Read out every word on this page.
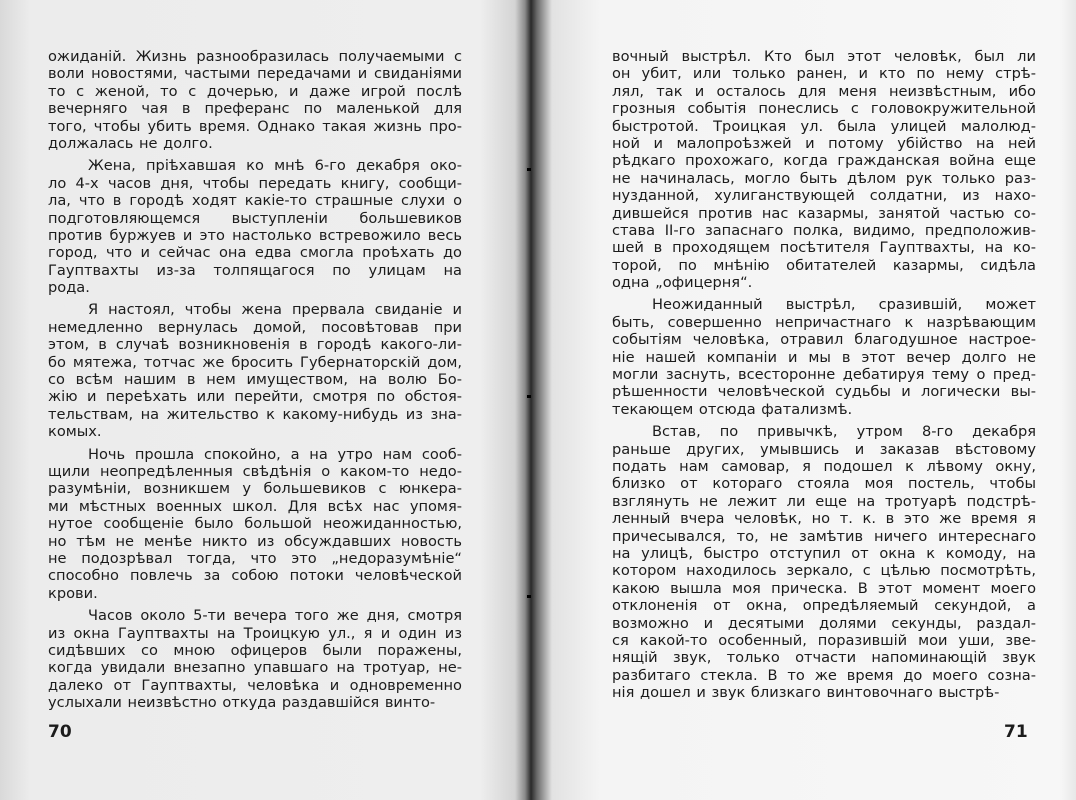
ожиданій. Жизнь разнообразилась получаемыми с
воли новостями, частыми передачами и свиданіями
то с женой, то с дочерью, и даже игрой послѣ
вечерняго чая в преферанс по маленькой для
того, чтобы убить время. Однако такая жизнь про-
должалась не долго.
Жена, пріѣхавшая ко мнѣ 6-го декабря око-
ло 4-х часов дня, чтобы передать книгу, сообщи-
ла, что в городѣ ходят какіе-то страшные слухи о
подготовляющемся выступленіи большевиков
против буржуев и это настолько встревожило весь
город, что и сейчас она едва смогла проѣхать до
Гауптвахты из-за толпящагося по улицам на
рода.
Я настоял, чтобы жена прервала свиданіе и
немедленно вернулась домой, посовѣтовав при
этом, в случаѣ возникновенія в городѣ какого-ли-
бо мятежа, тотчас же бросить Губернаторскій дом,
со всѣм нашим в нем имуществом, на волю Бо-
жію и переѣхать или перейти, смотря по обстоя-
тельствам, на жительство к какому-нибудь из зна-
комых.
Ночь прошла спокойно, а на утро нам сооб-
щили неопредѣленныя свѣдѣнія о каком-то недо-
разумѣніи, возникшем у большевиков с юнкера-
ми мѣстных военных школ. Для всѣх нас упомя-
нутое сообщеніе было большой неожиданностью,
но тѣм не менѣе никто из обсуждавших новость
не подозрѣвал тогда, что это „недоразумѣніе“
способно повлечь за собою потоки человѣческой
крови.
Часов около 5-ти вечера того же дня, смотря
из окна Гауптвахты на Троицкую ул., я и один из
сидѣвших со мною офицеров были поражены,
когда увидали внезапно упавшаго на тротуар, не-
далеко от Гауптвахты, человѣка и одновременно
услыхали неизвѣстно откуда раздавшійся винто-
вочный выстрѣл. Кто был этот человѣк, был ли
он убит, или только ранен, и кто по нему стрѣ-
лял, так и осталось для меня неизвѣстным, ибо
грозныя событія понеслись с головокружительной
быстротой. Троицкая ул. была улицей малолюд-
ной и малопроѣзжей и потому убійство на ней
рѣдкаго прохожаго, когда гражданская война еще
не начиналась, могло быть дѣлом рук только раз-
нузданной, хулиганствующей солдатни, из нахо-
дившейся против нас казармы, занятой частью со-
става II-го запаснаго полка, видимо, предположив-
шей в проходящем посѣтителя Гауптвахты, на ко-
торой, по мнѣнію обитателей казармы, сидѣла
одна „офицерня“.
Неожиданный выстрѣл, сразившій, может
быть, совершенно непричастнаго к назрѣвающим
событіям человѣка, отравил благодушное настрое-
ніе нашей компаніи и мы в этот вечер долго не
могли заснуть, всесторонне дебатируя тему о пред-
рѣшенности человѣческой судьбы и логически вы-
текающем отсюда фатализмѣ.
Встав, по привычкѣ, утром 8-го декабря
раньше других, умывшись и заказав вѣстовому
подать нам самовар, я подошел к лѣвому окну,
близко от котораго стояла моя постель, чтобы
взглянуть не лежит ли еще на тротуарѣ подстрѣ-
ленный вчера человѣк, но т. к. в это же время я
причесывался, то, не замѣтив ничего интереснаго
на улицѣ, быстро отступил от окна к комоду, на
котором находилось зеркало, с цѣлью посмотрѣть,
какою вышла моя прическа. В этот момент моего
отклоненія от окна, опредѣляемый секундой, а
возможно и десятыми долями секунды, раздал-
ся какой-то особенный, поразившій мои уши, зве-
нящій звук, только отчасти напоминающій звук
разбитаго стекла. В то же время до моего созна-
нія дошел и звук близкаго винтовочнаго выстрѣ-
70	71
